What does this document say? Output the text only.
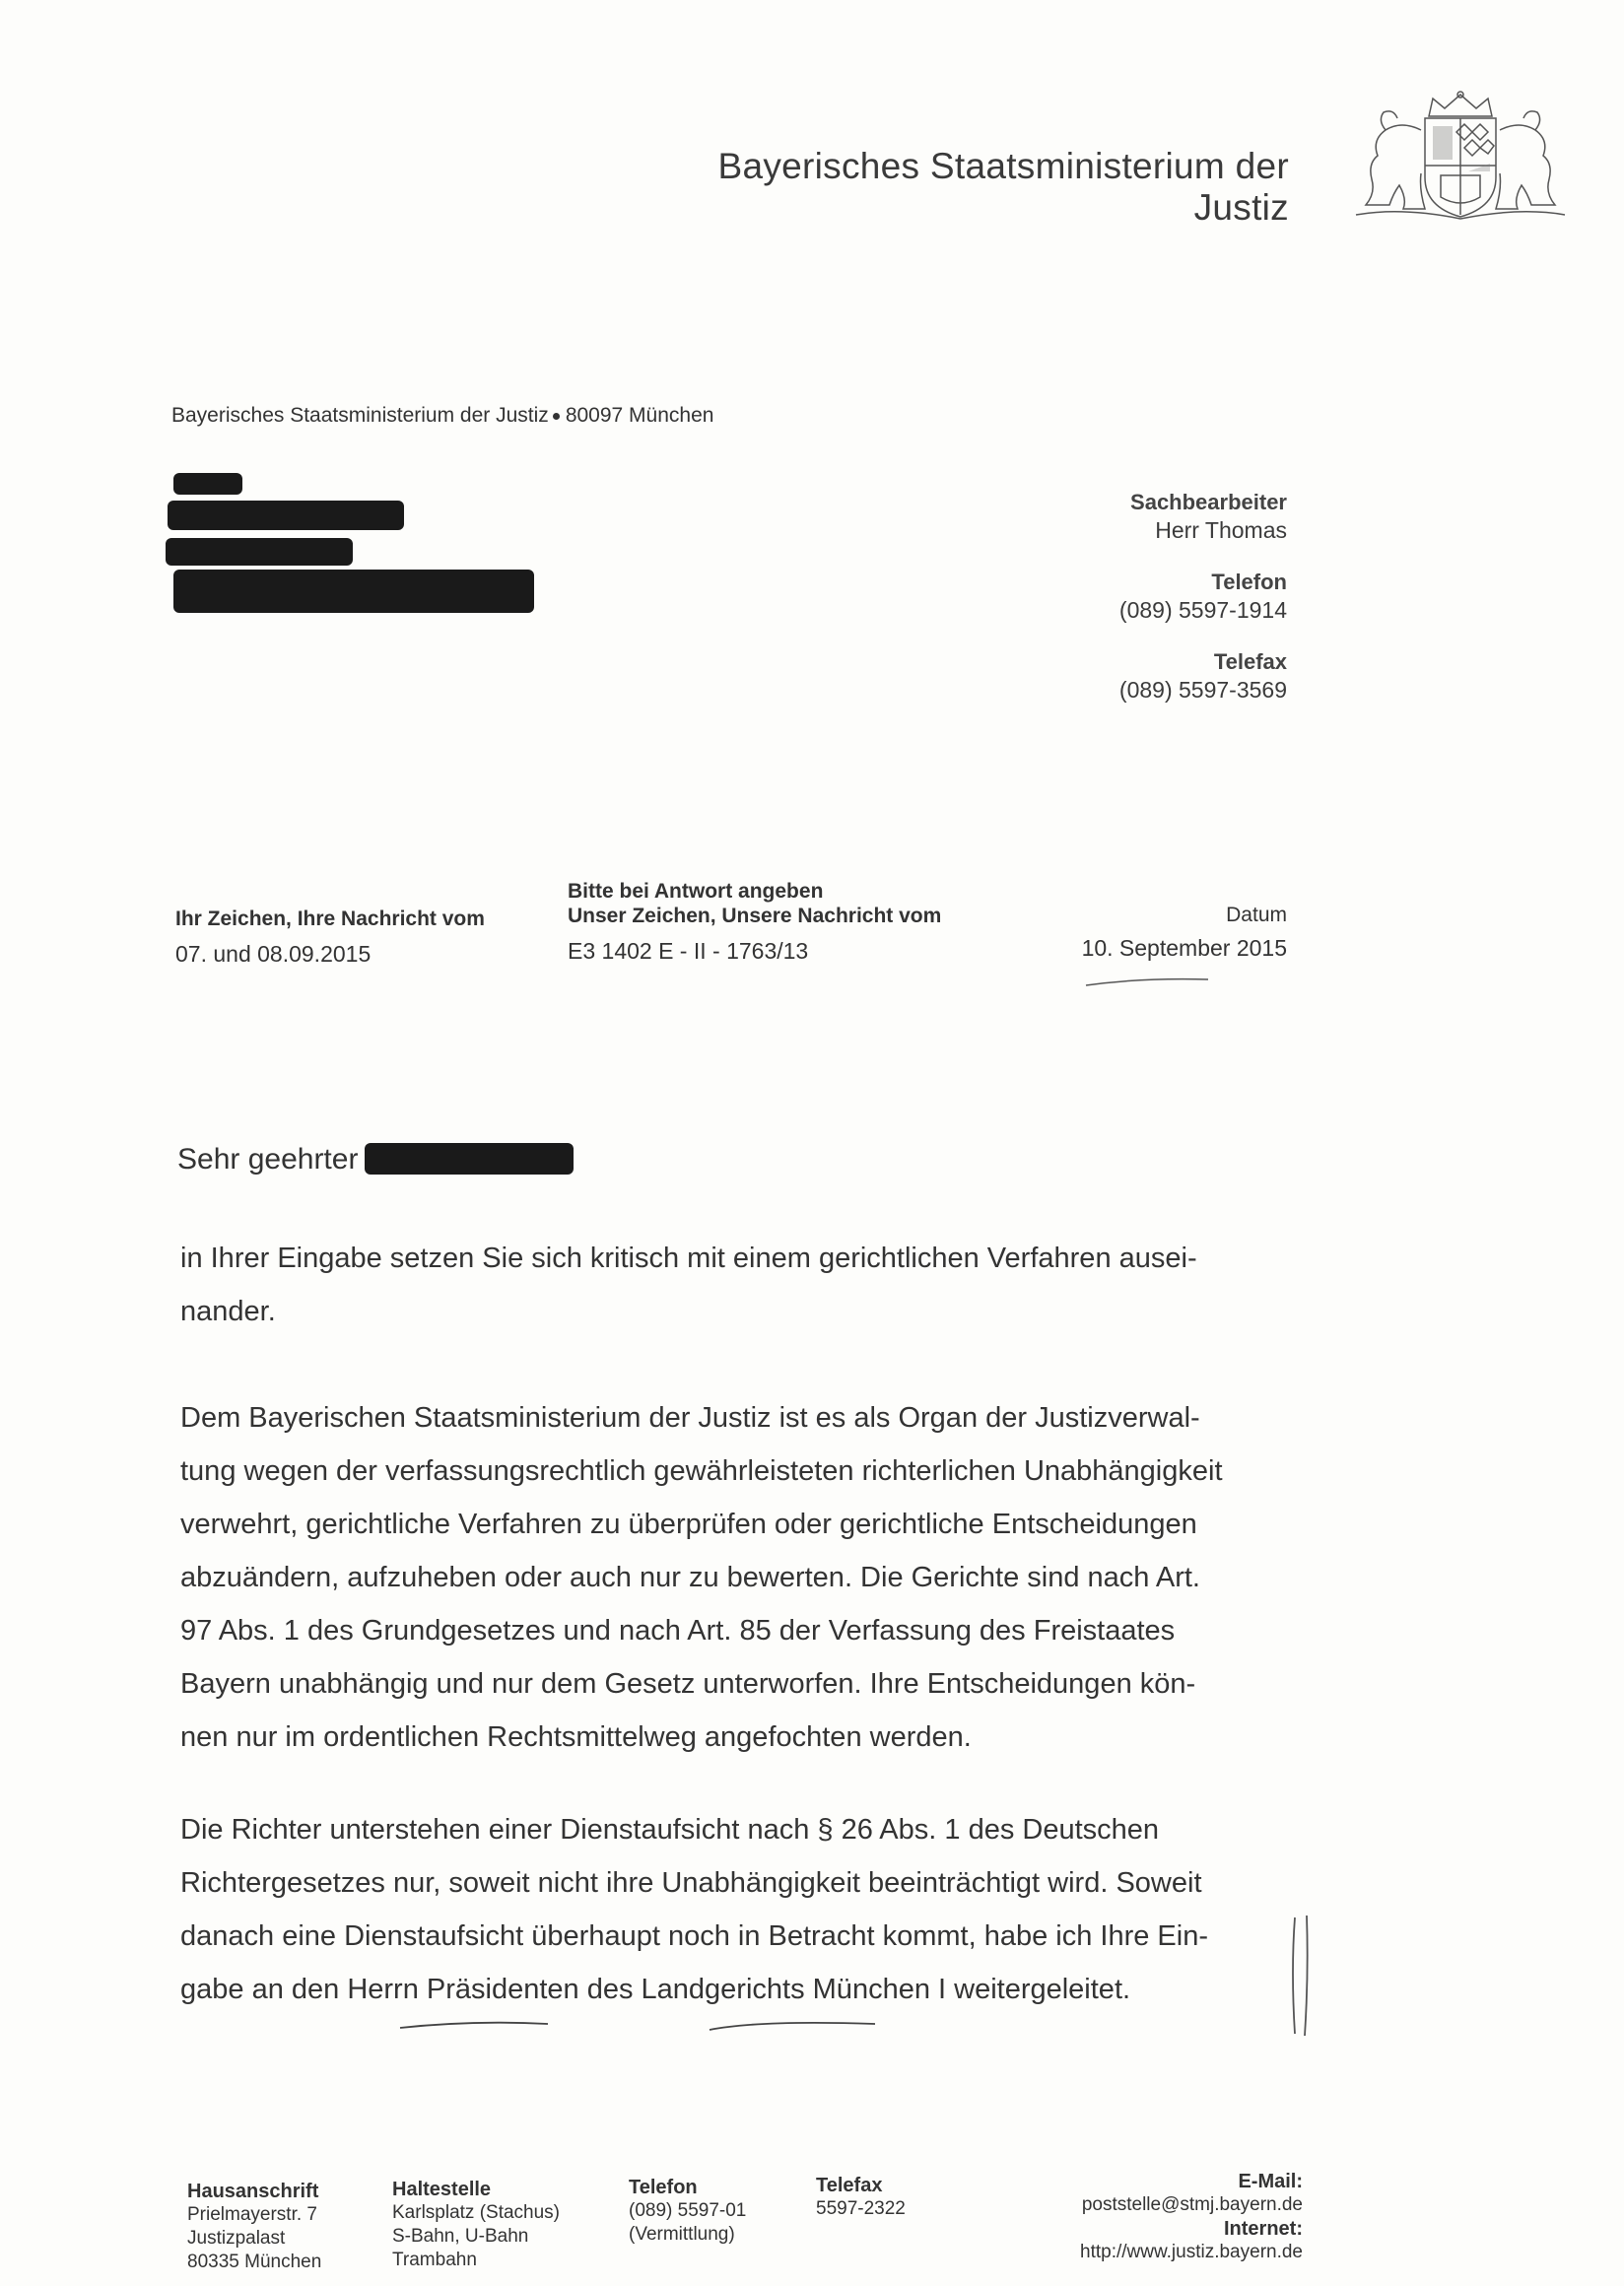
Bayerisches Staatsministerium der
Justiz
Bayerisches Staatsministerium der Justiz 80097 München
Sachbearbeiter
Herr Thomas
Telefon
(089) 5597-1914
Telefax
(089) 5597-3569
Ihr Zeichen, Ihre Nachricht vom
07. und 08.09.2015
Bitte bei Antwort angeben
Unser Zeichen, Unsere Nachricht vom
E3 1402 E - II - 1763/13
Datum
10. September 2015
Sehr geehrter
in Ihrer Eingabe setzen Sie sich kritisch mit einem gerichtlichen Verfahren ausei-
nander.
Dem Bayerischen Staatsministerium der Justiz ist es als Organ der Justizverwal-
tung wegen der verfassungsrechtlich gewährleisteten richterlichen Unabhängigkeit
verwehrt, gerichtliche Verfahren zu überprüfen oder gerichtliche Entscheidungen
abzuändern, aufzuheben oder auch nur zu bewerten. Die Gerichte sind nach Art.
97 Abs. 1 des Grundgesetzes und nach Art. 85 der Verfassung des Freistaates
Bayern unabhängig und nur dem Gesetz unterworfen. Ihre Entscheidungen kön-
nen nur im ordentlichen Rechtsmittelweg angefochten werden.
Die Richter unterstehen einer Dienstaufsicht nach § 26 Abs. 1 des Deutschen
Richtergesetzes nur, soweit nicht ihre Unabhängigkeit beeinträchtigt wird. Soweit
danach eine Dienstaufsicht überhaupt noch in Betracht kommt, habe ich Ihre Ein-
gabe an den Herrn Präsidenten des Landgerichts München I weitergeleitet.
Hausanschrift
Prielmayerstr. 7
Justizpalast
80335 München
Haltestelle
Karlsplatz (Stachus)
S-Bahn, U-Bahn
Trambahn
Telefon
(089) 5597-01
(Vermittlung)
Telefax
5597-2322
E-Mail:
poststelle@stmj.bayern.de
Internet:
http://www.justiz.bayern.de
